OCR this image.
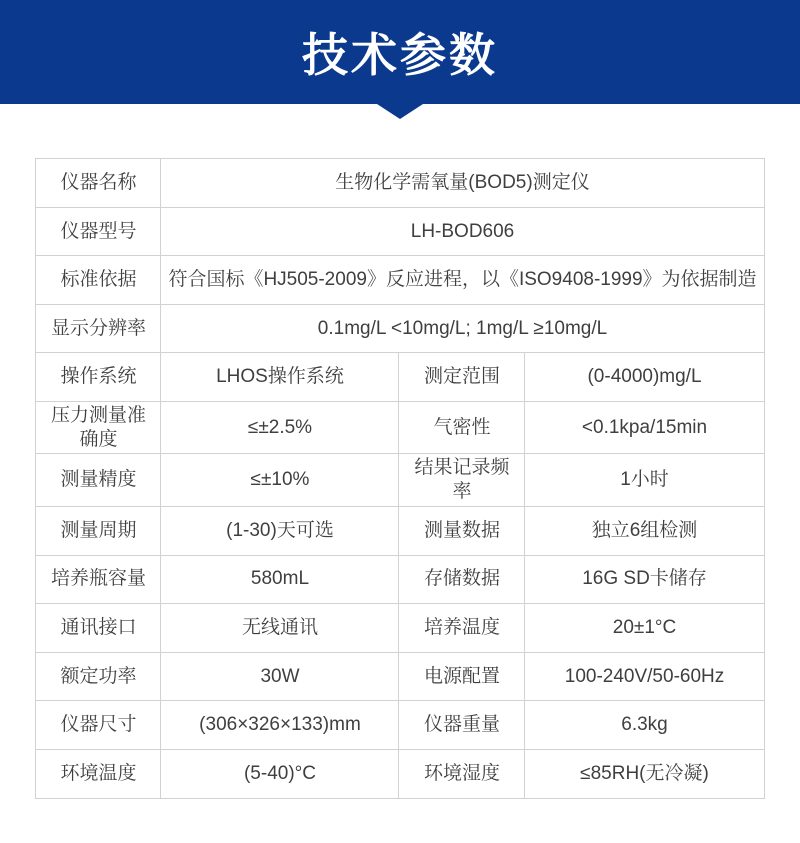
技术参数
仪器名称	生物化学需氧量(BOD5)测定仪		
仪器型号	LH-BOD606		
标准依据	符合国标《HJ505-2009》反应进程，以《ISO9408-1999》为依据制造		
显示分辨率	0.1mg/L <10mg/L; 1mg/L ≥10mg/L		
操作系统	LHOS操作系统	测定范围	(0-4000)mg/L
压力测量准确度	≤±2.5%	气密性	<0.1kpa/15min
测量精度	≤±10%	结果记录频率	1小时
测量周期	(1-30)天可选	测量数据	独立6组检测
培养瓶容量	580mL	存储数据	16G SD卡储存
通讯接口	无线通讯	培养温度	20±1°C
额定功率	30W	电源配置	100-240V/50-60Hz
仪器尺寸	(306×326×133)mm	仪器重量	6.3kg
环境温度	(5-40)°C	环境湿度	≤85RH(无冷凝)
